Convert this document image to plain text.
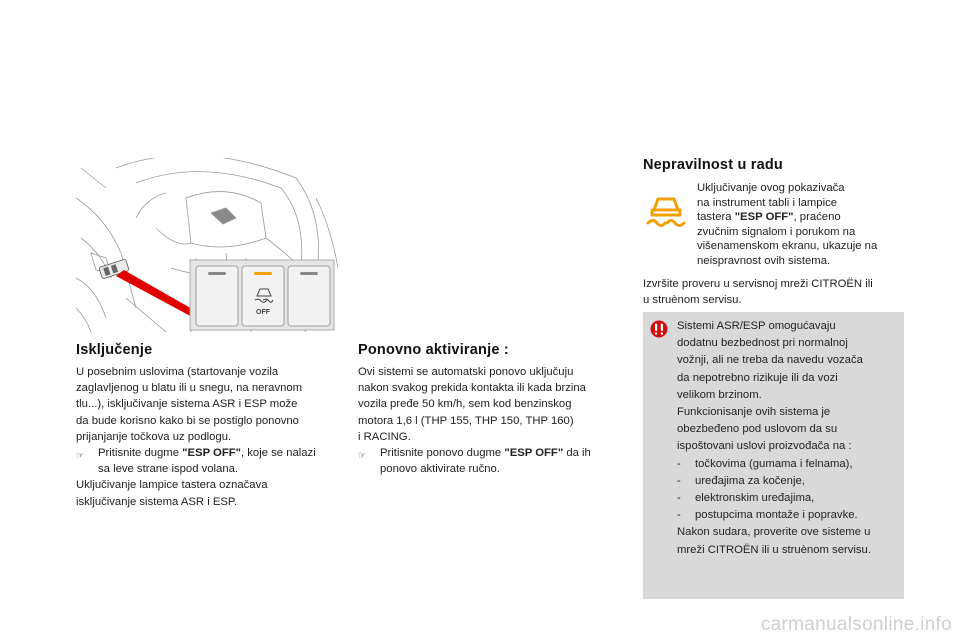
OFF
Isključenje

U posebnim uslovima (startovanje vozila

zaglavljenog u blatu ili u snegu, na neravnom

tlu...), isključivanje sistema ASR i ESP može

da bude korisno kako bi se postiglo ponovno

prijanjanje točkova uz podlogu.

☞	Pritisnite dugme "ESP OFF", koje se nalazi
sa leve strane ispod volana.

Uključivanje lampice tastera označava

isključivanje sistema ASR i ESP.

Ponovno aktiviranje :

Ovi sistemi se automatski ponovo uključuju

nakon svakog prekida kontakta ili kada brzina

vozila pređe 50 km/h, sem kod benzinskog

motora 1,6 l (THP 155, THP 150, THP 160)

i RACING.

☞	Pritisnite ponovo dugme "ESP OFF" da ih
ponovo aktivirate ručno.
Nepravilnost u radu

Uključivanje ovog pokazivača

na instrument tabli i lampice

tastera "ESP OFF", praćeno

zvučnim signalom i porukom na

višenamenskom ekranu, ukazuje na

neispravnost ovih sistema.

Izvršite proveru u servisnoj mreži CITROËN ili

u struènom servisu.

Sistemi ASR/ESP omogućavaju

dodatnu bezbednost pri normalnoj

vožnji, ali ne treba da navedu vozača

da nepotrebno rizikuje ili da vozi

velikom brzinom.

Funkcionisanje ovih sistema je

obezbeđeno pod uslovom da su

ispoštovani uslovi proizvođača na :

-	točkovima (gumama i felnama),
-	uređajima za kočenje,
-	elektronskim uređajima,
-	postupcima montaže i popravke.

Nakon sudara, proverite ove sisteme u

mreži CITROËN ili u struènom servisu.

carmanualsonline.info
